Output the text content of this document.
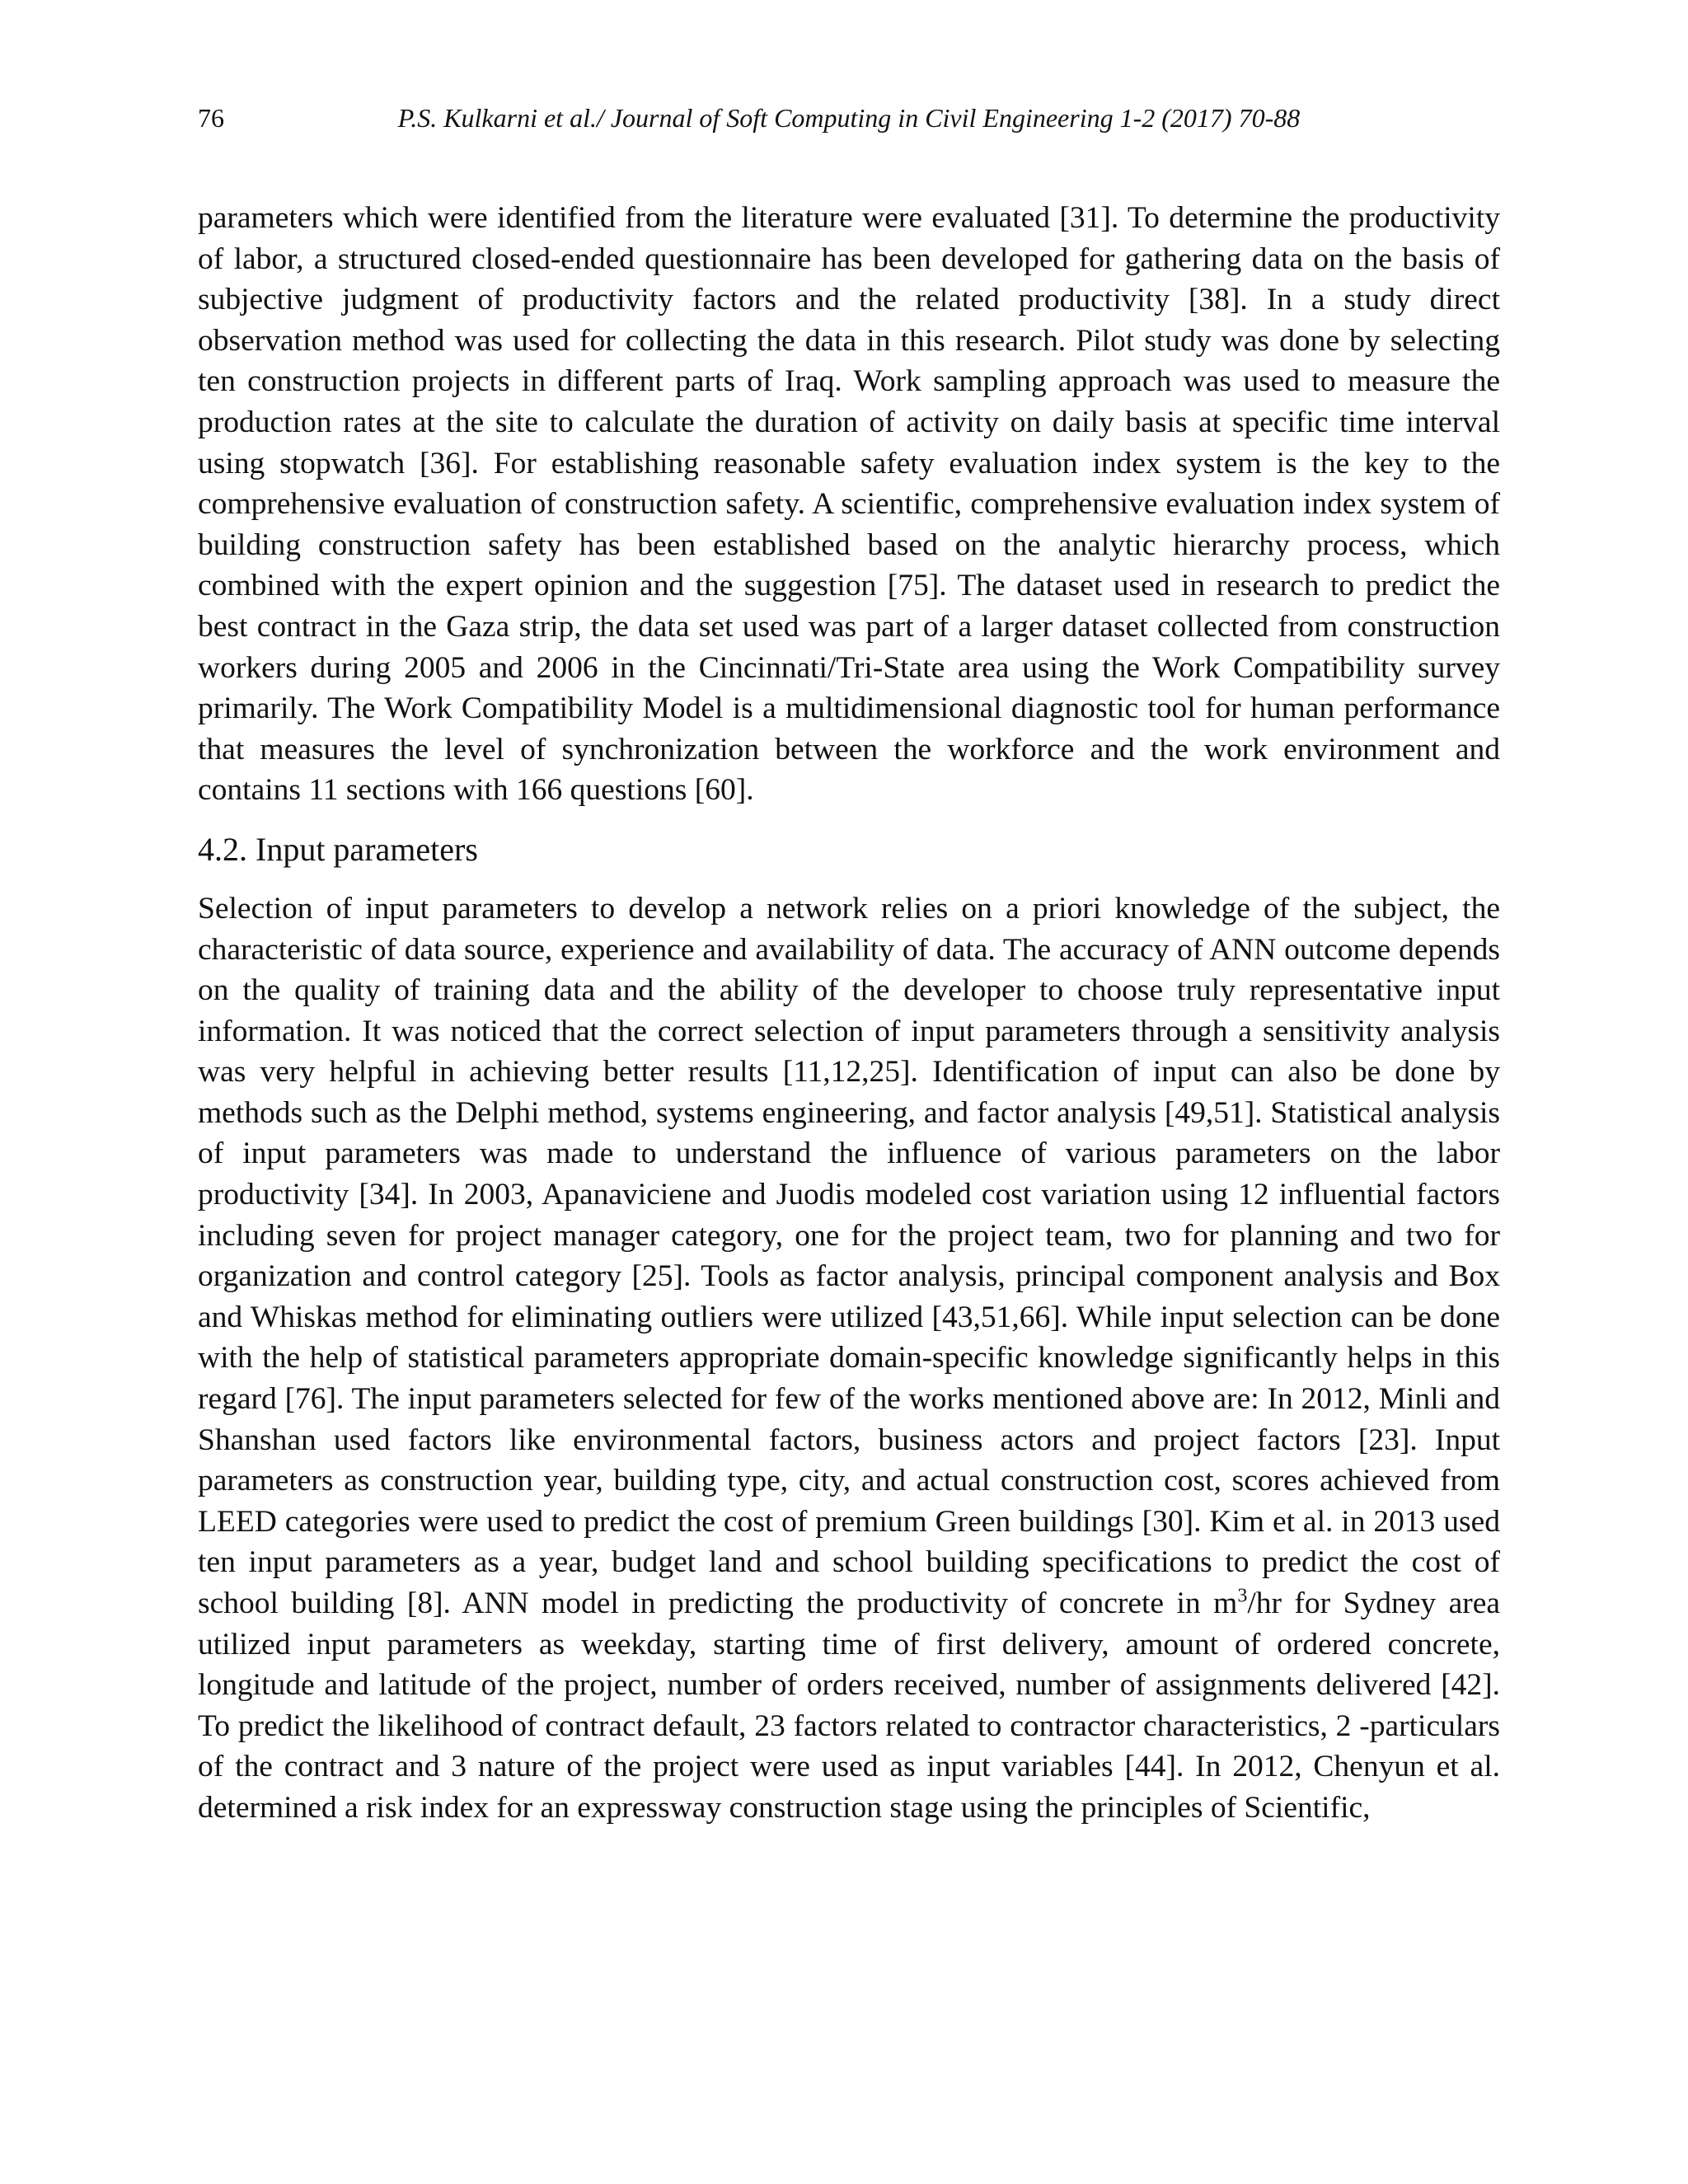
76	P.S. Kulkarni et al./ Journal of Soft Computing in Civil Engineering 1-2 (2017) 70-88

parameters which were identified from the literature were evaluated [31]. To determine the productivity of labor, a structured closed-ended questionnaire has been developed for gathering data on the basis of subjective judgment of productivity factors and the related productivity [38]. In a study direct observation method was used for collecting the data in this research. Pilot study was done by selecting ten construction projects in different parts of Iraq. Work sampling approach was used to measure the production rates at the site to calculate the duration of activity on daily basis at specific time interval using stopwatch [36]. For establishing reasonable safety evaluation index system is the key to the comprehensive evaluation of construction safety. A scientific, comprehensive evaluation index system of building construction safety has been established based on the analytic hierarchy process, which combined with the expert opinion and the suggestion [75]. The dataset used in research to predict the best contract in the Gaza strip, the data set used was part of a larger dataset collected from construction workers during 2005 and 2006 in the Cincinnati/Tri-State area using the Work Compatibility survey primarily. The Work Compatibility Model is a multidimensional diagnostic tool for human performance that measures the level of synchronization between the workforce and the work environment and contains 11 sections with 166 questions [60].

4.2. Input parameters

Selection of input parameters to develop a network relies on a priori knowledge of the subject, the characteristic of data source, experience and availability of data. The accuracy of ANN outcome depends on the quality of training data and the ability of the developer to choose truly representative input information. It was noticed that the correct selection of input parameters through a sensitivity analysis was very helpful in achieving better results [11,12,25]. Identification of input can also be done by methods such as the Delphi method, systems engineering, and factor analysis [49,51]. Statistical analysis of input parameters was made to understand the influence of various parameters on the labor productivity [34]. In 2003, Apanaviciene and Juodis modeled cost variation using 12 influential factors including seven for project manager category, one for the project team, two for planning and two for organization and control category [25]. Tools as factor analysis, principal component analysis and Box and Whiskas method for eliminating outliers were utilized [43,51,66]. While input selection can be done with the help of statistical parameters appropriate domain-specific knowledge significantly helps in this regard [76]. The input parameters selected for few of the works mentioned above are: In 2012, Minli and Shanshan used factors like environmental factors, business actors and project factors [23]. Input parameters as construction year, building type, city, and actual construction cost, scores achieved from LEED categories were used to predict the cost of premium Green buildings [30]. Kim et al. in 2013 used ten input parameters as a year, budget land and school building specifications to predict the cost of school building [8]. ANN model in predicting the productivity of concrete in $m^3/hr$ for Sydney area utilized input parameters as weekday, starting time of first delivery, amount of ordered concrete, longitude and latitude of the project, number of orders received, number of assignments delivered [42]. To predict the likelihood of contract default, 23 factors related to contractor characteristics, 2 -particulars of the contract and 3 nature of the project were used as input variables [44]. In 2012, Chenyun et al. determined a risk index for an expressway construction stage using the principles of Scientific,
